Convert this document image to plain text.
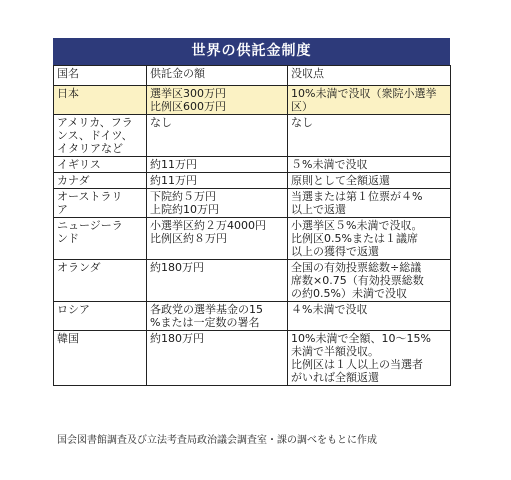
世界の供託金制度
国名	供託金の額	没収点

日本	選挙区300万円
比例区600万円	10%未満で没収（衆院小選挙
区）

アメリカ、フラ
ンス、ドイツ、
イタリアなど	なし	なし

イギリス	約11万円	５%未満で没収

カナダ	約11万円	原則として全額返還

オーストラリ
ア	下院約５万円
上院約10万円	当選または第１位票が４%
以上で返還

ニュージーラ
ンド	小選挙区約２万4000円
比例区約８万円	小選挙区５%未満で没収。
比例区0.5%または１議席
以上の獲得で返還

オランダ	約180万円	全国の有効投票総数÷総議
席数×0.75（有効投票総数
の約0.5%）未満で没収

ロシア	各政党の選挙基金の15
%または一定数の署名	４%未満で没収

韓国	約180万円	10%未満で全額、10～15%
未満で半額没収。
比例区は１人以上の当選者
がいれば全額返還
国会図書館調査及び立法考査局政治議会調査室・課の調べをもとに作成
